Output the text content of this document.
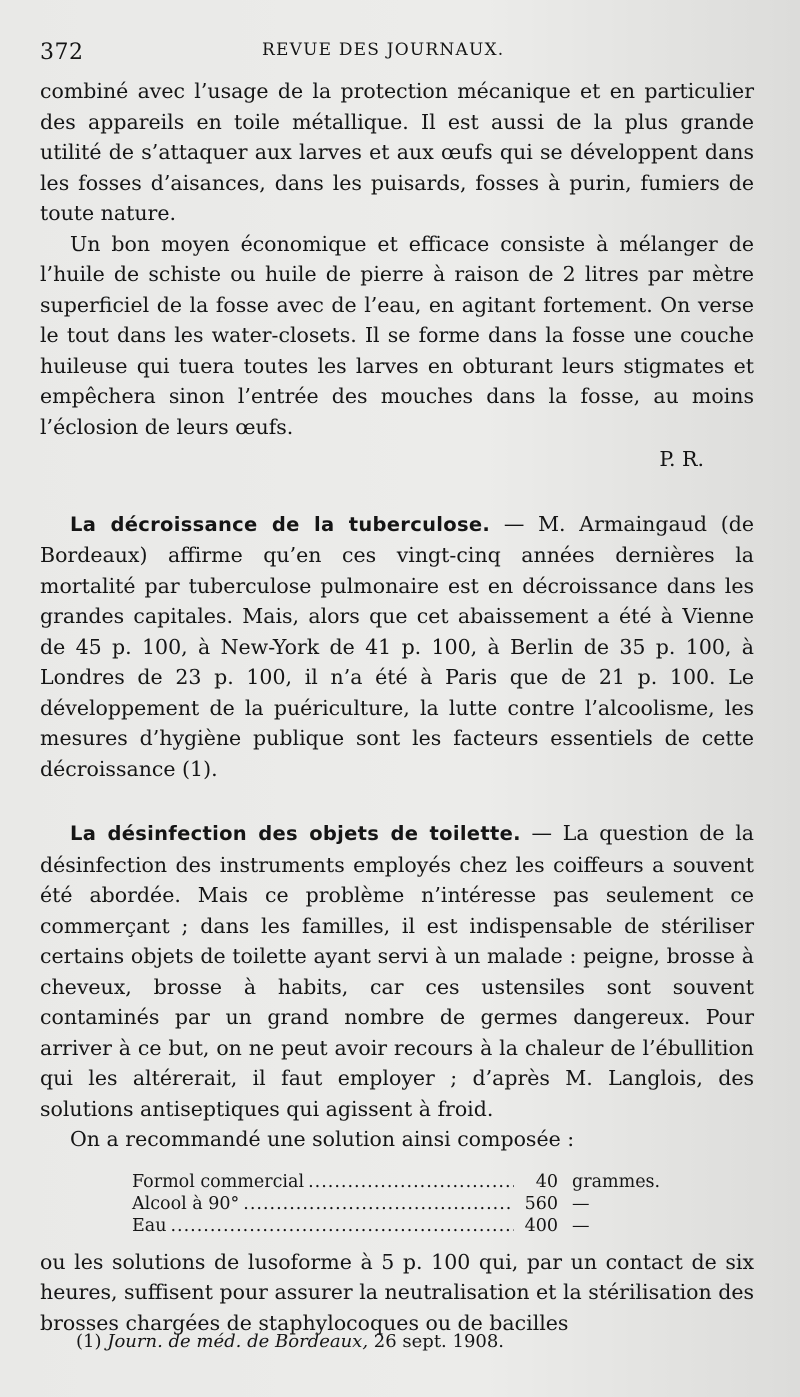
372	REVUE DES JOURNAUX.

combiné avec l’usage de la protection mécanique et en particulier des appareils en toile métallique. Il est aussi de la plus grande utilité de s’attaquer aux larves et aux œufs qui se développent dans les fosses d’aisances, dans les puisards, fosses à purin, fumiers de toute nature.

Un bon moyen économique et efficace consiste à mélanger de l’huile de schiste ou huile de pierre à raison de 2 litres par mètre superficiel de la fosse avec de l’eau, en agitant fortement. On verse le tout dans les water-closets. Il se forme dans la fosse une couche huileuse qui tuera toutes les larves en obturant leurs stigmates et empêchera sinon l’entrée des mouches dans la fosse, au moins l’éclosion de leurs œufs.

P. R.

La décroissance de la tuberculose. — M. Armaingaud (de Bordeaux) affirme qu’en ces vingt-cinq années dernières la mortalité par tuberculose pulmonaire est en décroissance dans les grandes capitales. Mais, alors que cet abaissement a été à Vienne de 45 p. 100, à New-York de 41 p. 100, à Berlin de 35 p. 100, à Londres de 23 p. 100, il n’a été à Paris que de 21 p. 100. Le développement de la puériculture, la lutte contre l’alcoolisme, les mesures d’hygiène publique sont les facteurs essentiels de cette décroissance (1).

La désinfection des objets de toilette. — La question de la désinfection des instruments employés chez les coiffeurs a souvent été abordée. Mais ce problème n’intéresse pas seulement ce commerçant ; dans les familles, il est indispensable de stériliser certains objets de toilette ayant servi à un malade : peigne, brosse à cheveux, brosse à habits, car ces ustensiles sont souvent contaminés par un grand nombre de germes dangereux. Pour arriver à ce but, on ne peut avoir recours à la chaleur de l’ébullition qui les altérerait, il faut employer ; d’après M. Langlois, des solutions antiseptiques qui agissent à froid.

On a recommandé une solution ainsi composée :

Formol commercial .....	40 grammes.
Alcool à 90° .....	560 —
Eau .....	400 —

ou les solutions de lusoforme à 5 p. 100 qui, par un contact de six heures, suffisent pour assurer la neutralisation et la stérilisation des brosses chargées de staphylocoques ou de bacilles

(1) Journ. de méd. de Bordeaux, 26 sept. 1908.
